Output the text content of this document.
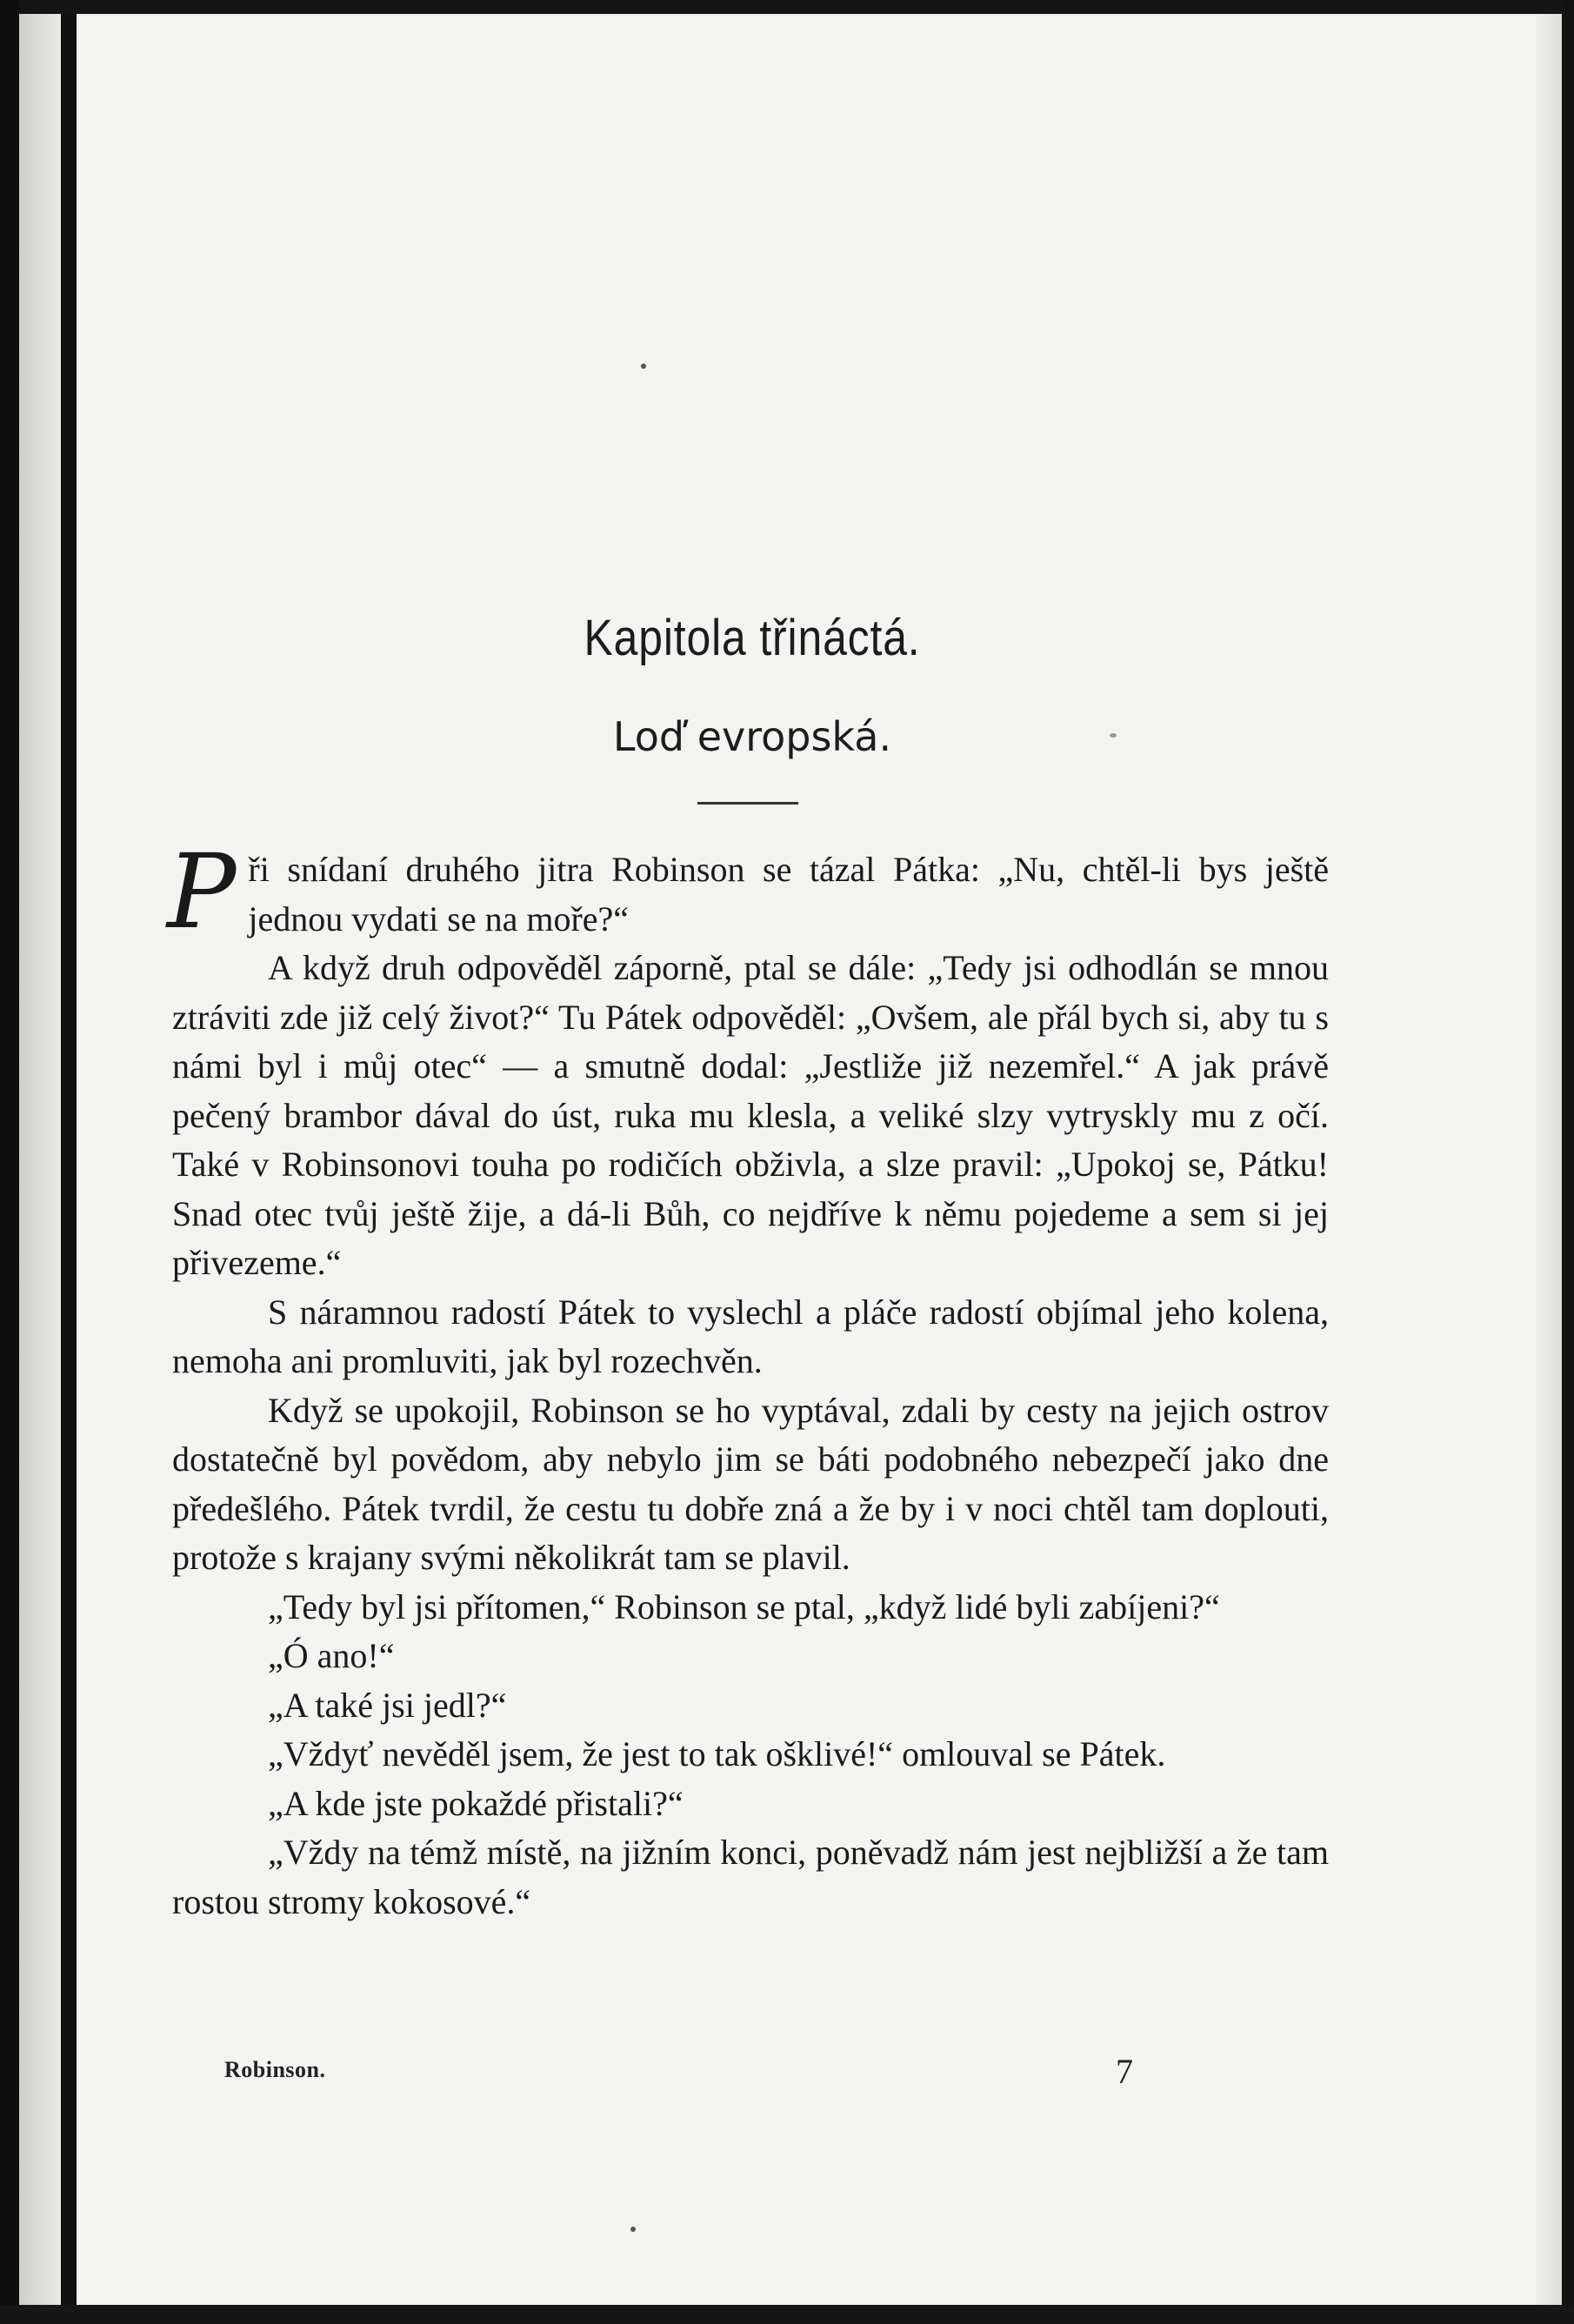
Kapitola třináctá.
Loď evropská.

Při snídaní druhého jitra Robinson se tázal Pátka: „Nu, chtěl-li bys ještě jednou vydati se na moře?“

A když druh odpověděl záporně, ptal se dále: „Tedy jsi odhodlán se mnou ztráviti zde již celý život?“ Tu Pátek odpověděl: „Ovšem, ale přál bych si, aby tu s námi byl i můj otec“ — a smutně dodal: „Jestliže již nezemřel.“ A jak právě pečený brambor dával do úst, ruka mu klesla, a veliké slzy vytryskly mu z očí. Také v Robinsonovi touha po rodičích obživla, a slze pravil: „Upokoj se, Pátku! Snad otec tvůj ještě žije, a dá-li Bůh, co nejdříve k němu pojedeme a sem si jej přivezeme.“

S náramnou radostí Pátek to vyslechl a pláče radostí objímal jeho kolena, nemoha ani promluviti, jak byl rozechvěn.

Když se upokojil, Robinson se ho vyptával, zdali by cesty na jejich ostrov dostatečně byl povědom, aby nebylo jim se báti podobného nebezpečí jako dne předešlého. Pátek tvrdil, že cestu tu dobře zná a že by i v noci chtěl tam doplouti, protože s krajany svými několikrát tam se plavil.

„Tedy byl jsi přítomen,“ Robinson se ptal, „když lidé byli zabíjeni?“

„Ó ano!“

„A také jsi jedl?“

„Vždyť nevěděl jsem, že jest to tak ošklivé!“ omlouval se Pátek.

„A kde jste pokaždé přistali?“

„Vždy na témž místě, na jižním konci, poněvadž nám jest nejbližší a že tam rostou stromy kokosové.“

Robinson.	7
